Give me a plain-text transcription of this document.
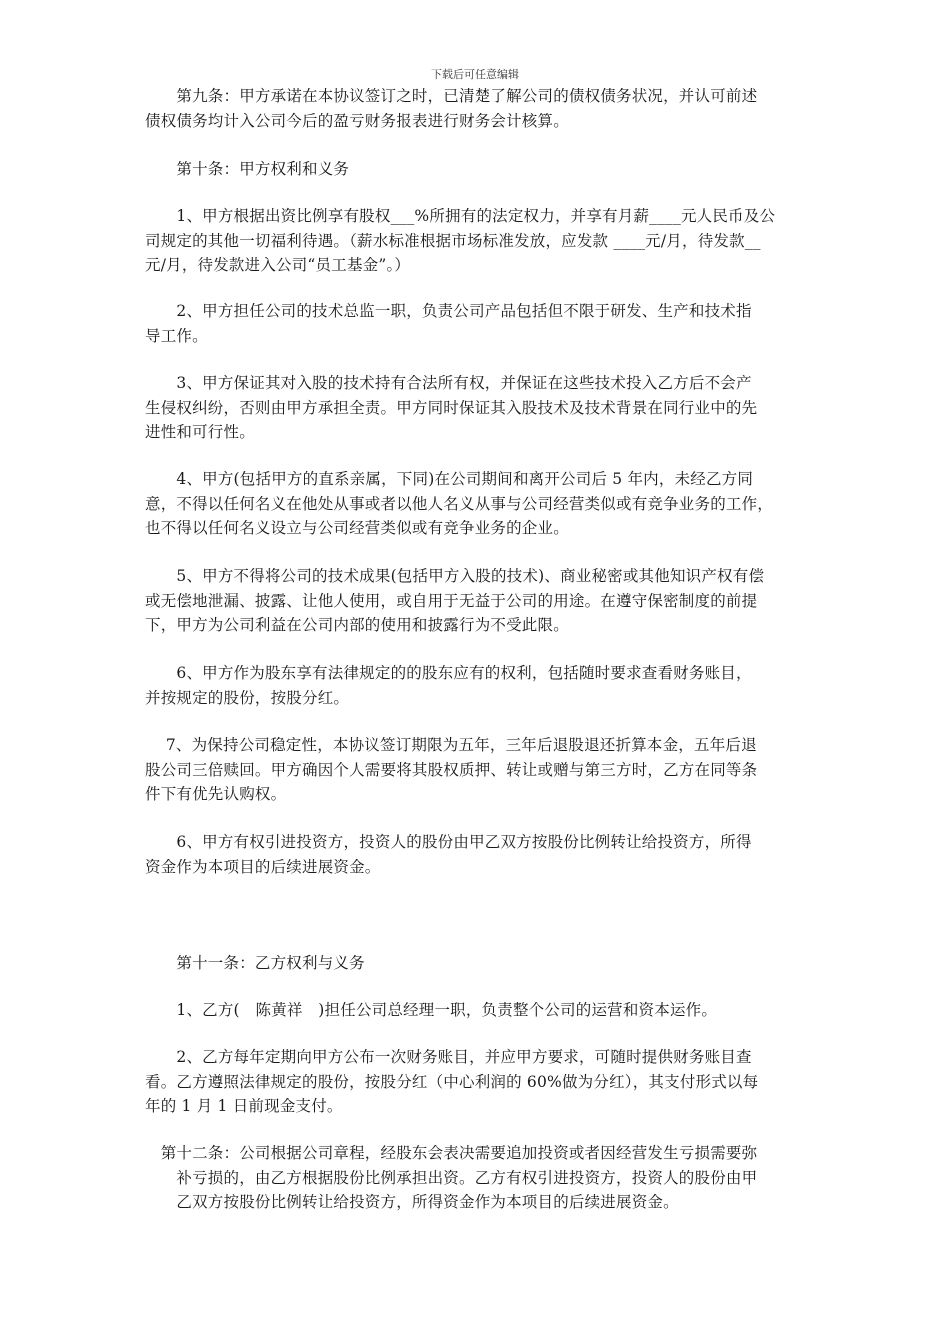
下载后可任意编辑
　　第九条：甲方承诺在本协议签订之时，已清楚了解公司的债权债务状况，并认可前述
债权债务均计入公司今后的盈亏财务报表进行财务会计核算。
　　第十条：甲方权利和义务
　　1、甲方根据出资比例享有股权___%所拥有的法定权力，并享有月薪____元人民币及公
司规定的其他一切福利待遇。（薪水标准根据市场标准发放，应发款 ____元/月，待发款__
元/月，待发款进入公司“员工基金”。）
　　2、甲方担任公司的技术总监一职，负责公司产品包括但不限于研发、生产和技术指
导工作。
　　3、甲方保证其对入股的技术持有合法所有权，并保证在这些技术投入乙方后不会产
生侵权纠纷，否则由甲方承担全责。甲方同时保证其入股技术及技术背景在同行业中的先
进性和可行性。
　　4、甲方(包括甲方的直系亲属，下同)在公司期间和离开公司后 5 年内，未经乙方同
意，不得以任何名义在他处从事或者以他人名义从事与公司经营类似或有竞争业务的工作，
也不得以任何名义设立与公司经营类似或有竞争业务的企业。
　　5、甲方不得将公司的技术成果(包括甲方入股的技术)、商业秘密或其他知识产权有偿
或无偿地泄漏、披露、让他人使用，或自用于无益于公司的用途。在遵守保密制度的前提
下，甲方为公司利益在公司内部的使用和披露行为不受此限。
　　6、甲方作为股东享有法律规定的的股东应有的权利，包括随时要求查看财务账目，
并按规定的股份，按股分红。
　 7、为保持公司稳定性，本协议签订期限为五年，三年后退股退还折算本金，五年后退
股公司三倍赎回。甲方确因个人需要将其股权质押、转让或赠与第三方时，乙方在同等条
件下有优先认购权。
　　6、甲方有权引进投资方，投资人的股份由甲乙双方按股份比例转让给投资方，所得
资金作为本项目的后续进展资金。
　　第十一条：乙方权利与义务
　　1、乙方(　陈黄祥　)担任公司总经理一职，负责整个公司的运营和资本运作。
　　2、乙方每年定期向甲方公布一次财务账目，并应甲方要求，可随时提供财务账目查
看。乙方遵照法律规定的股份，按股分红（中心利润的 60%做为分红），其支付形式以每
年的 1 月 1 日前现金支付。
　第十二条：公司根据公司章程，经股东会表决需要追加投资或者因经营发生亏损需要弥
　　补亏损的，由乙方根据股份比例承担出资。乙方有权引进投资方，投资人的股份由甲
　　乙双方按股份比例转让给投资方，所得资金作为本项目的后续进展资金。
